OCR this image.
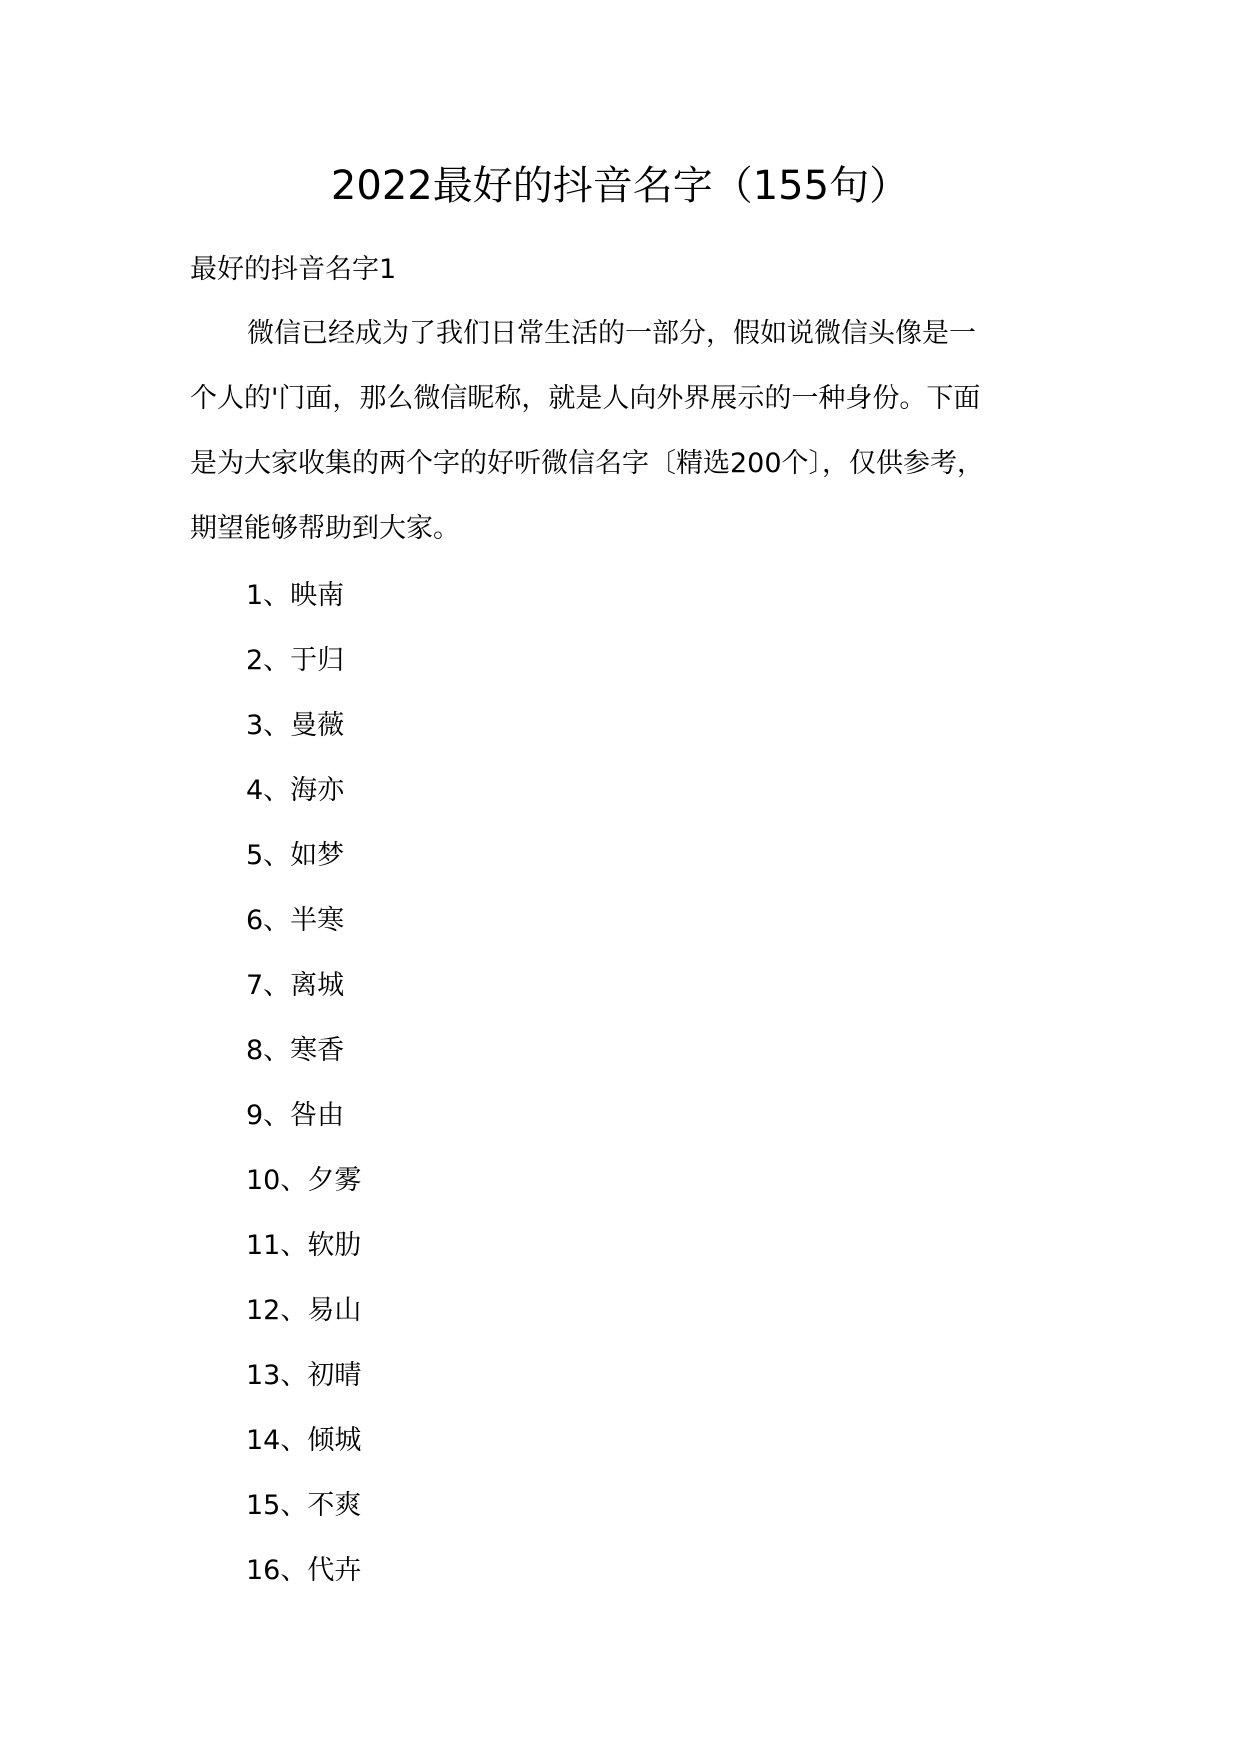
2022最好的抖音名字（155句）
最好的抖音名字1
微信已经成为了我们日常生活的一部分，假如说微信头像是一
个人的'门面，那么微信昵称，就是人向外界展示的一种身份。下面
是为大家收集的两个字的好听微信名字〔精选200个〕，仅供参考，
期望能够帮助到大家。
1、映南
2、于归
3、曼薇
4、海亦
5、如梦
6、半寒
7、离城
8、寒香
9、咎由
10、夕雾
11、软肋
12、易山
13、初晴
14、倾城
15、不爽
16、代卉
